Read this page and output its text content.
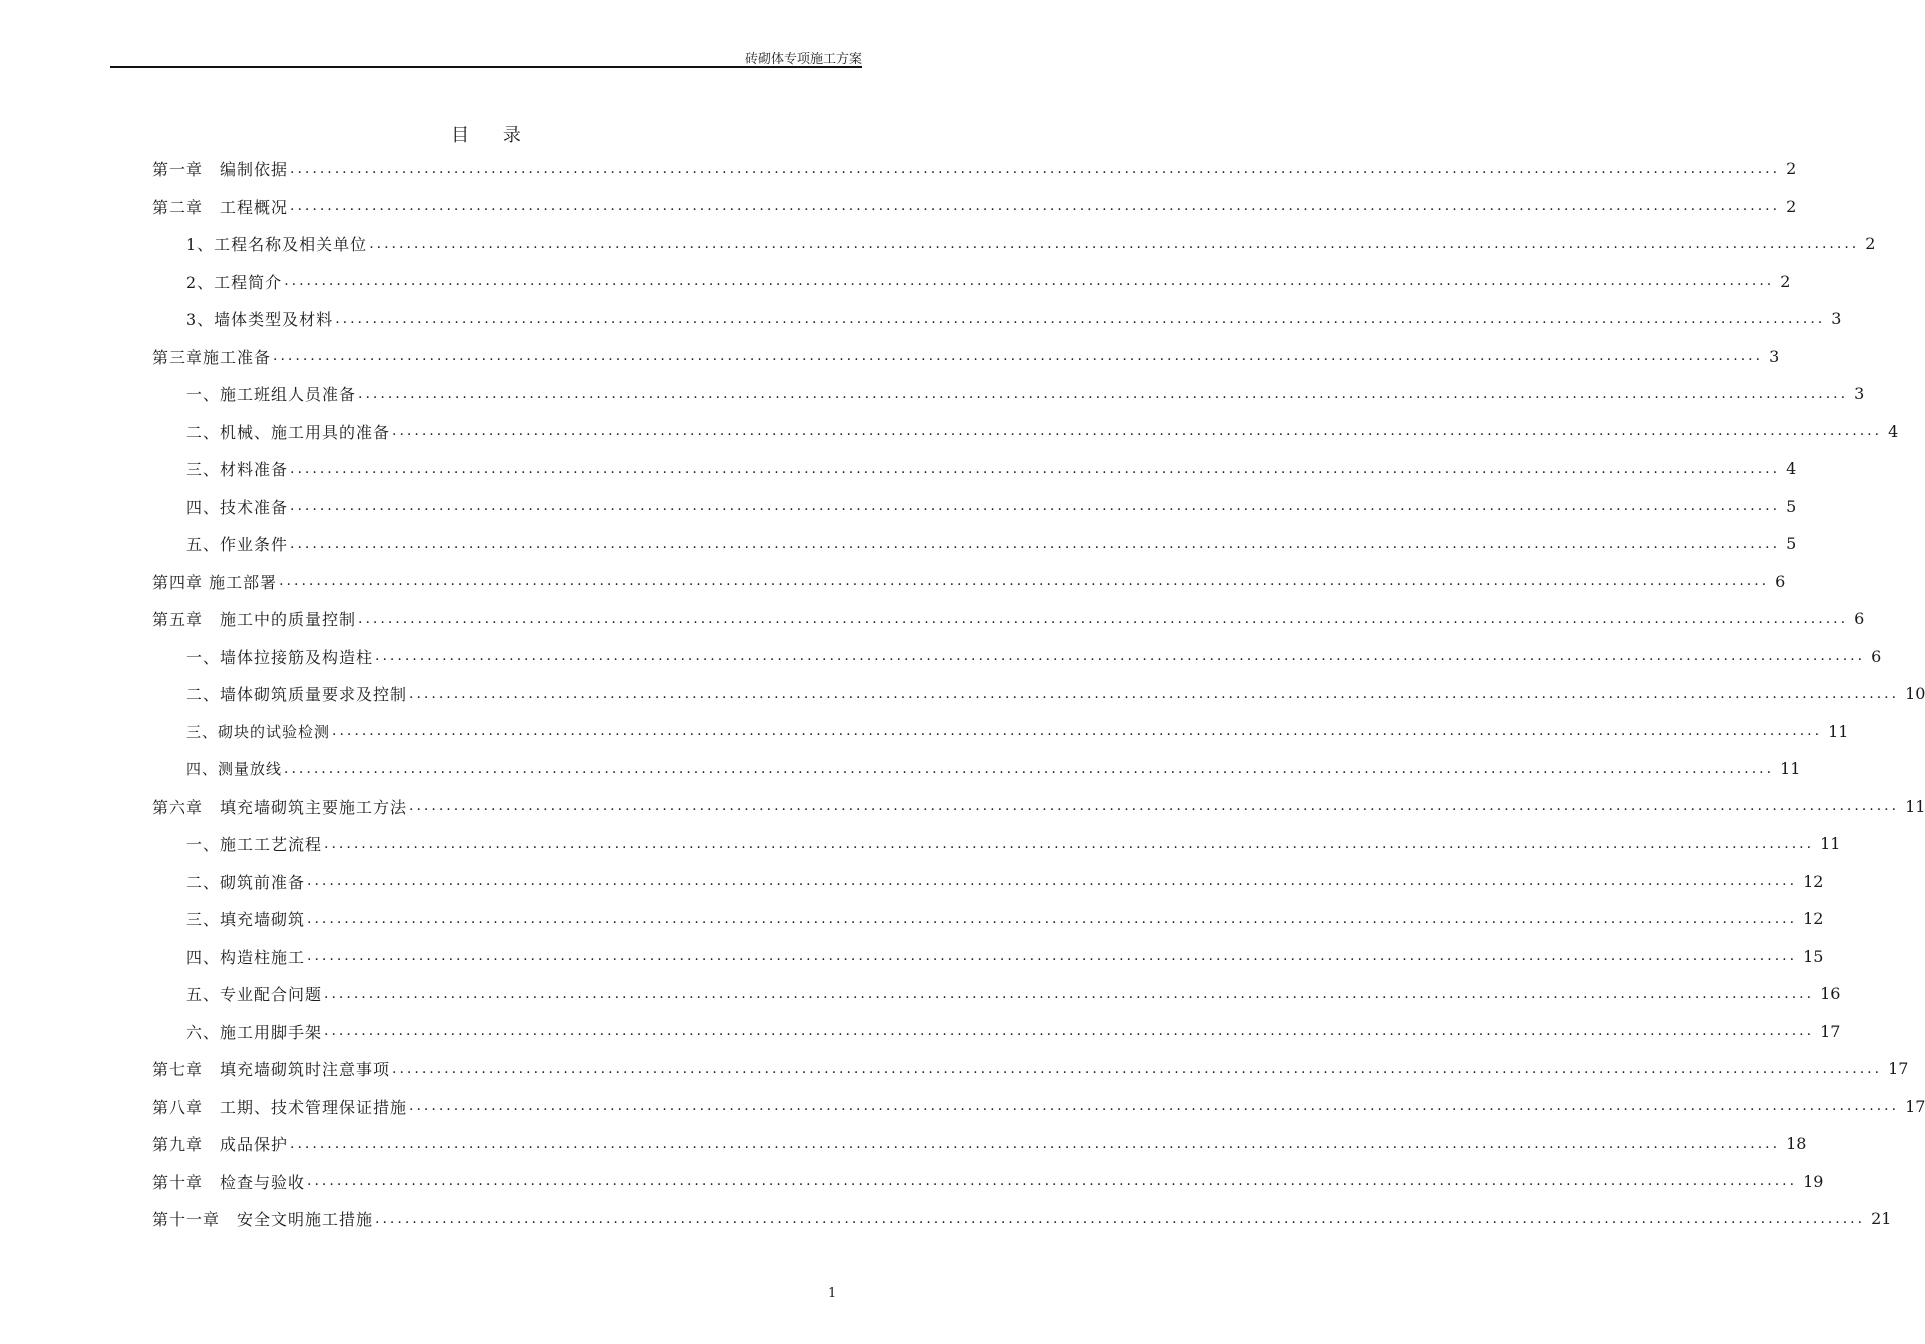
砖砌体专项施工方案
目 录
第一章　编制依据 ........................................................................................................................................................................................................ 2
第二章　工程概况 ........................................................................................................................................................................................................ 2
1、工程名称及相关单位 ........................................................................................................................................................................................................ 2
2、工程简介 ........................................................................................................................................................................................................ 2
3、墙体类型及材料 ........................................................................................................................................................................................................ 3
第三章施工准备 ........................................................................................................................................................................................................ 3
一、施工班组人员准备 ........................................................................................................................................................................................................ 3
二、机械、施工用具的准备 ........................................................................................................................................................................................................ 4
三、材料准备 ........................................................................................................................................................................................................ 4
四、技术准备 ........................................................................................................................................................................................................ 5
五、作业条件 ........................................................................................................................................................................................................ 5
第四章 施工部署 ........................................................................................................................................................................................................ 6
第五章　施工中的质量控制 ........................................................................................................................................................................................................ 6
一、墙体拉接筋及构造柱 ........................................................................................................................................................................................................ 6
二、墙体砌筑质量要求及控制 ........................................................................................................................................................................................................ 10
三、砌块的试验检测 ........................................................................................................................................................................................................ 11
四、测量放线 ........................................................................................................................................................................................................ 11
第六章　填充墙砌筑主要施工方法 ........................................................................................................................................................................................................ 11
一、施工工艺流程 ........................................................................................................................................................................................................ 11
二、砌筑前准备 ........................................................................................................................................................................................................ 12
三、填充墙砌筑 ........................................................................................................................................................................................................ 12
四、构造柱施工 ........................................................................................................................................................................................................ 15
五、专业配合问题 ........................................................................................................................................................................................................ 16
六、施工用脚手架 ........................................................................................................................................................................................................ 17
第七章　填充墙砌筑时注意事项 ........................................................................................................................................................................................................ 17
第八章　工期、技术管理保证措施 ........................................................................................................................................................................................................ 17
第九章　成品保护 ........................................................................................................................................................................................................ 18
第十章　检查与验收 ........................................................................................................................................................................................................ 19
第十一章　安全文明施工措施 ........................................................................................................................................................................................................ 21
1
